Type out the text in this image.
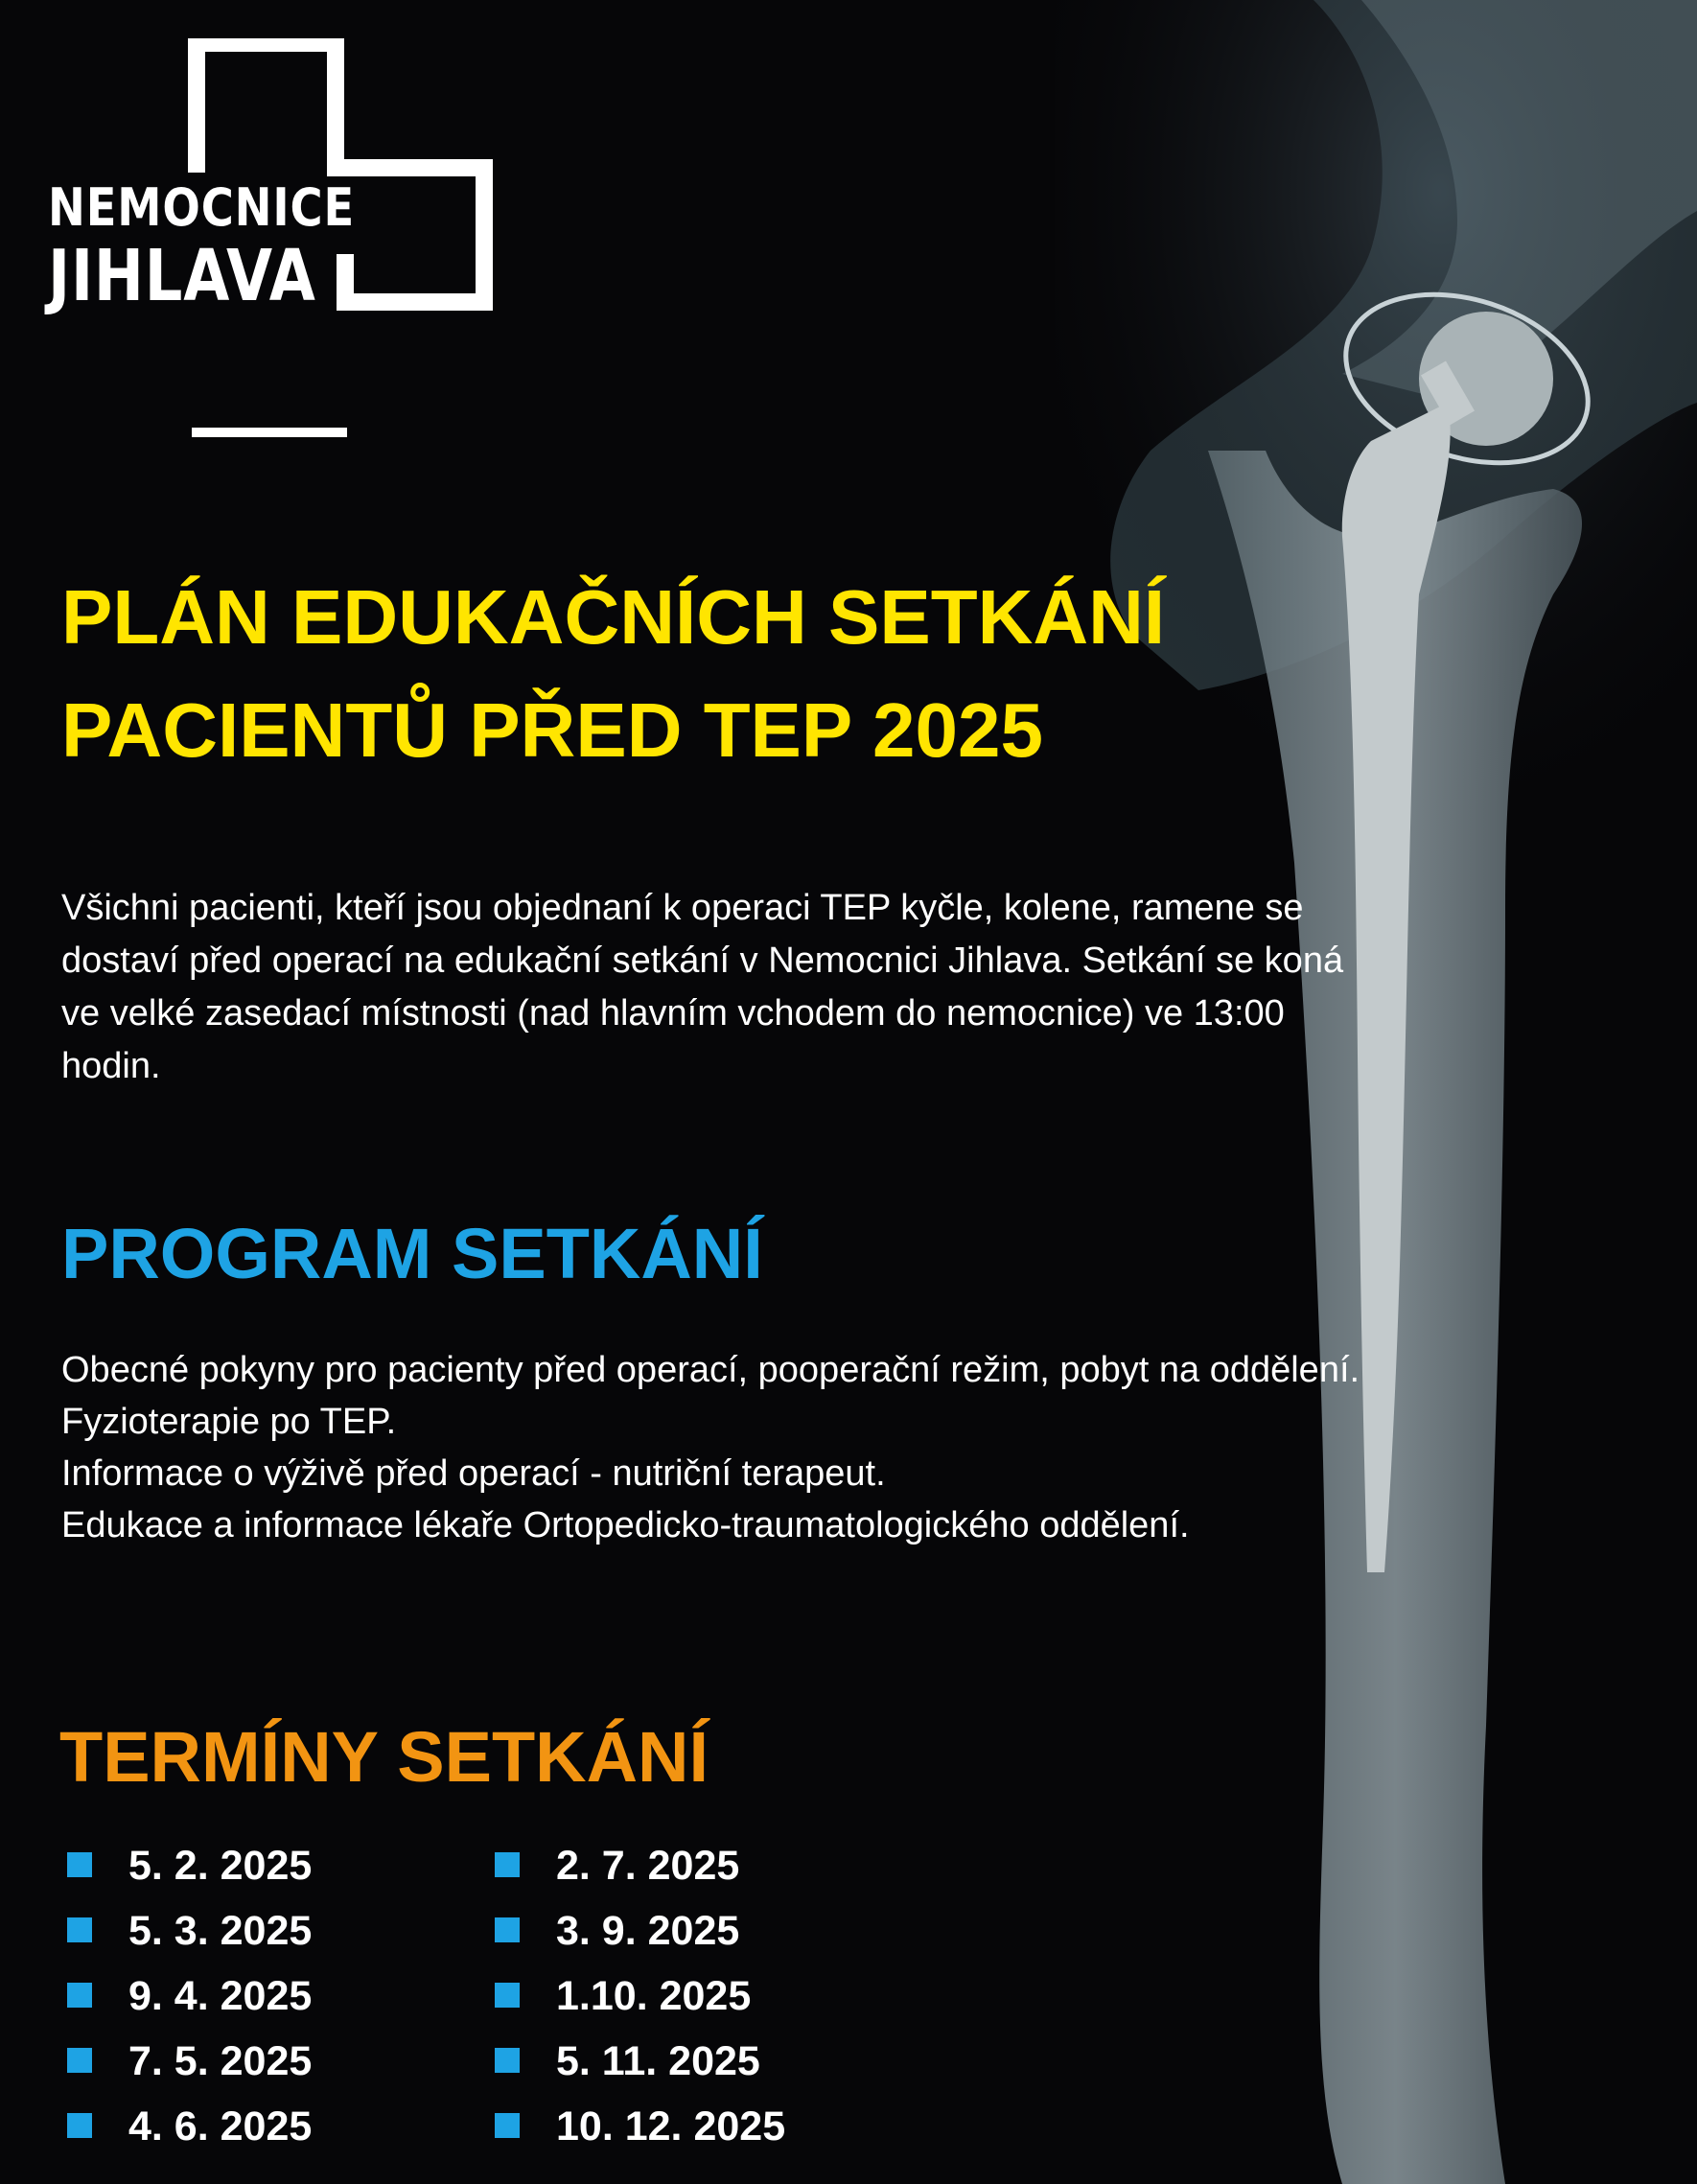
NEMOCNICE
JIHLAVA
PLÁN EDUKAČNÍCH SETKÁNÍ
PACIENTŮ PŘED TEP 2025

Všichni pacienti, kteří jsou objednaní k operaci TEP kyčle, kolene, ramene se
dostaví před operací na edukační setkání v Nemocnici Jihlava. Setkání se koná
ve velké zasedací místnosti (nad hlavním vchodem do nemocnice) ve 13:00
hodin.

PROGRAM SETKÁNÍ
Obecné pokyny pro pacienty před operací, pooperační režim, pobyt na oddělení.
Fyzioterapie po TEP.
Informace o výživě před operací - nutriční terapeut.
Edukace a informace lékaře Ortopedicko-traumatologického oddělení.
TERMÍNY SETKÁNÍ
5. 2. 2025
5. 3. 2025
9. 4. 2025
7. 5. 2025
4. 6. 2025
2. 7. 2025
3. 9. 2025
1.10. 2025
5. 11. 2025
10. 12. 2025
